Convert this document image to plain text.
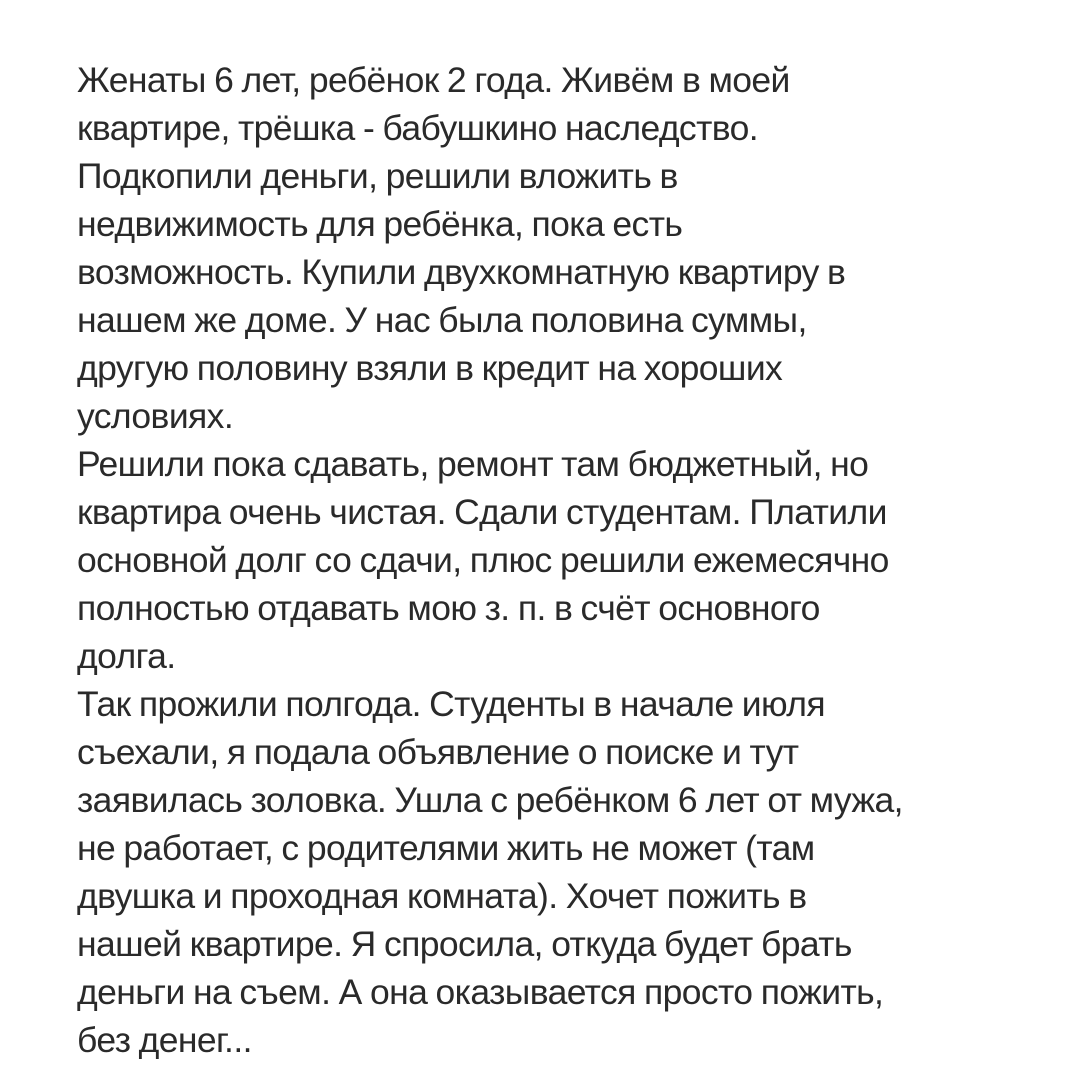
Женаты 6 лет, ребёнок 2 года. Живём в моей
квартире, трёшка - бабушкино наследство.
Подкопили деньги, решили вложить в
недвижимость для ребёнка, пока есть
возможность. Купили двухкомнатную квартиру в
нашем же доме. У нас была половина суммы,
другую половину взяли в кредит на хороших
условиях.
Решили пока сдавать, ремонт там бюджетный, но
квартира очень чистая. Сдали студентам. Платили
основной долг со сдачи, плюс решили ежемесячно
полностью отдавать мою з. п. в счёт основного
долга.
Так прожили полгода. Студенты в начале июля
съехали, я подала объявление о поиске и тут
заявилась золовка. Ушла с ребёнком 6 лет от мужа,
не работает, с родителями жить не может (там
двушка и проходная комната). Хочет пожить в
нашей квартире. Я спросила, откуда будет брать
деньги на съем. А она оказывается просто пожить,
без денег...
